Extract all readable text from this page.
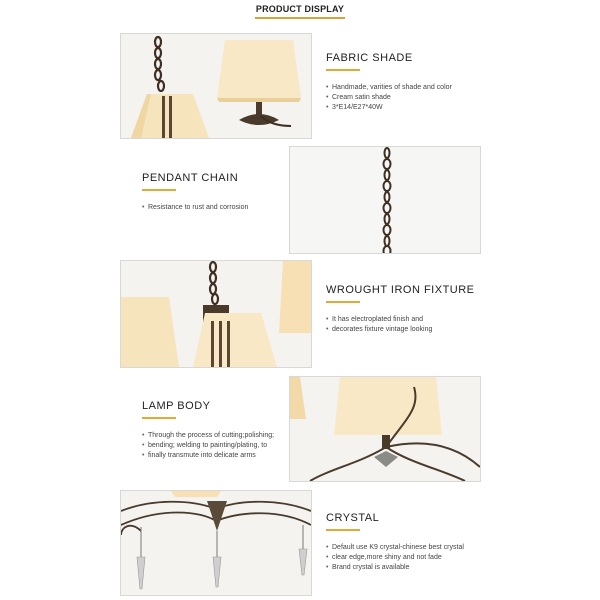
PRODUCT DISPLAY
FABRIC SHADE
• Handmade, varities of shade and color
• Cream satin shade
• 3*E14/E27*40W
PENDANT CHAIN
• Resistance to rust and corrosion
WROUGHT IRON FIXTURE
• It has electroplated finish and
• decorates fixture vintage looking
LAMP BODY
• Through the process of cutting;polishing;
• bending; welding to painting/plating, to
• finally transmute into delicate arms
CRYSTAL
• Default use K9 crystal-chinese best crystal
• clear edge,more shiny and not fade
• Brand crystal is available
